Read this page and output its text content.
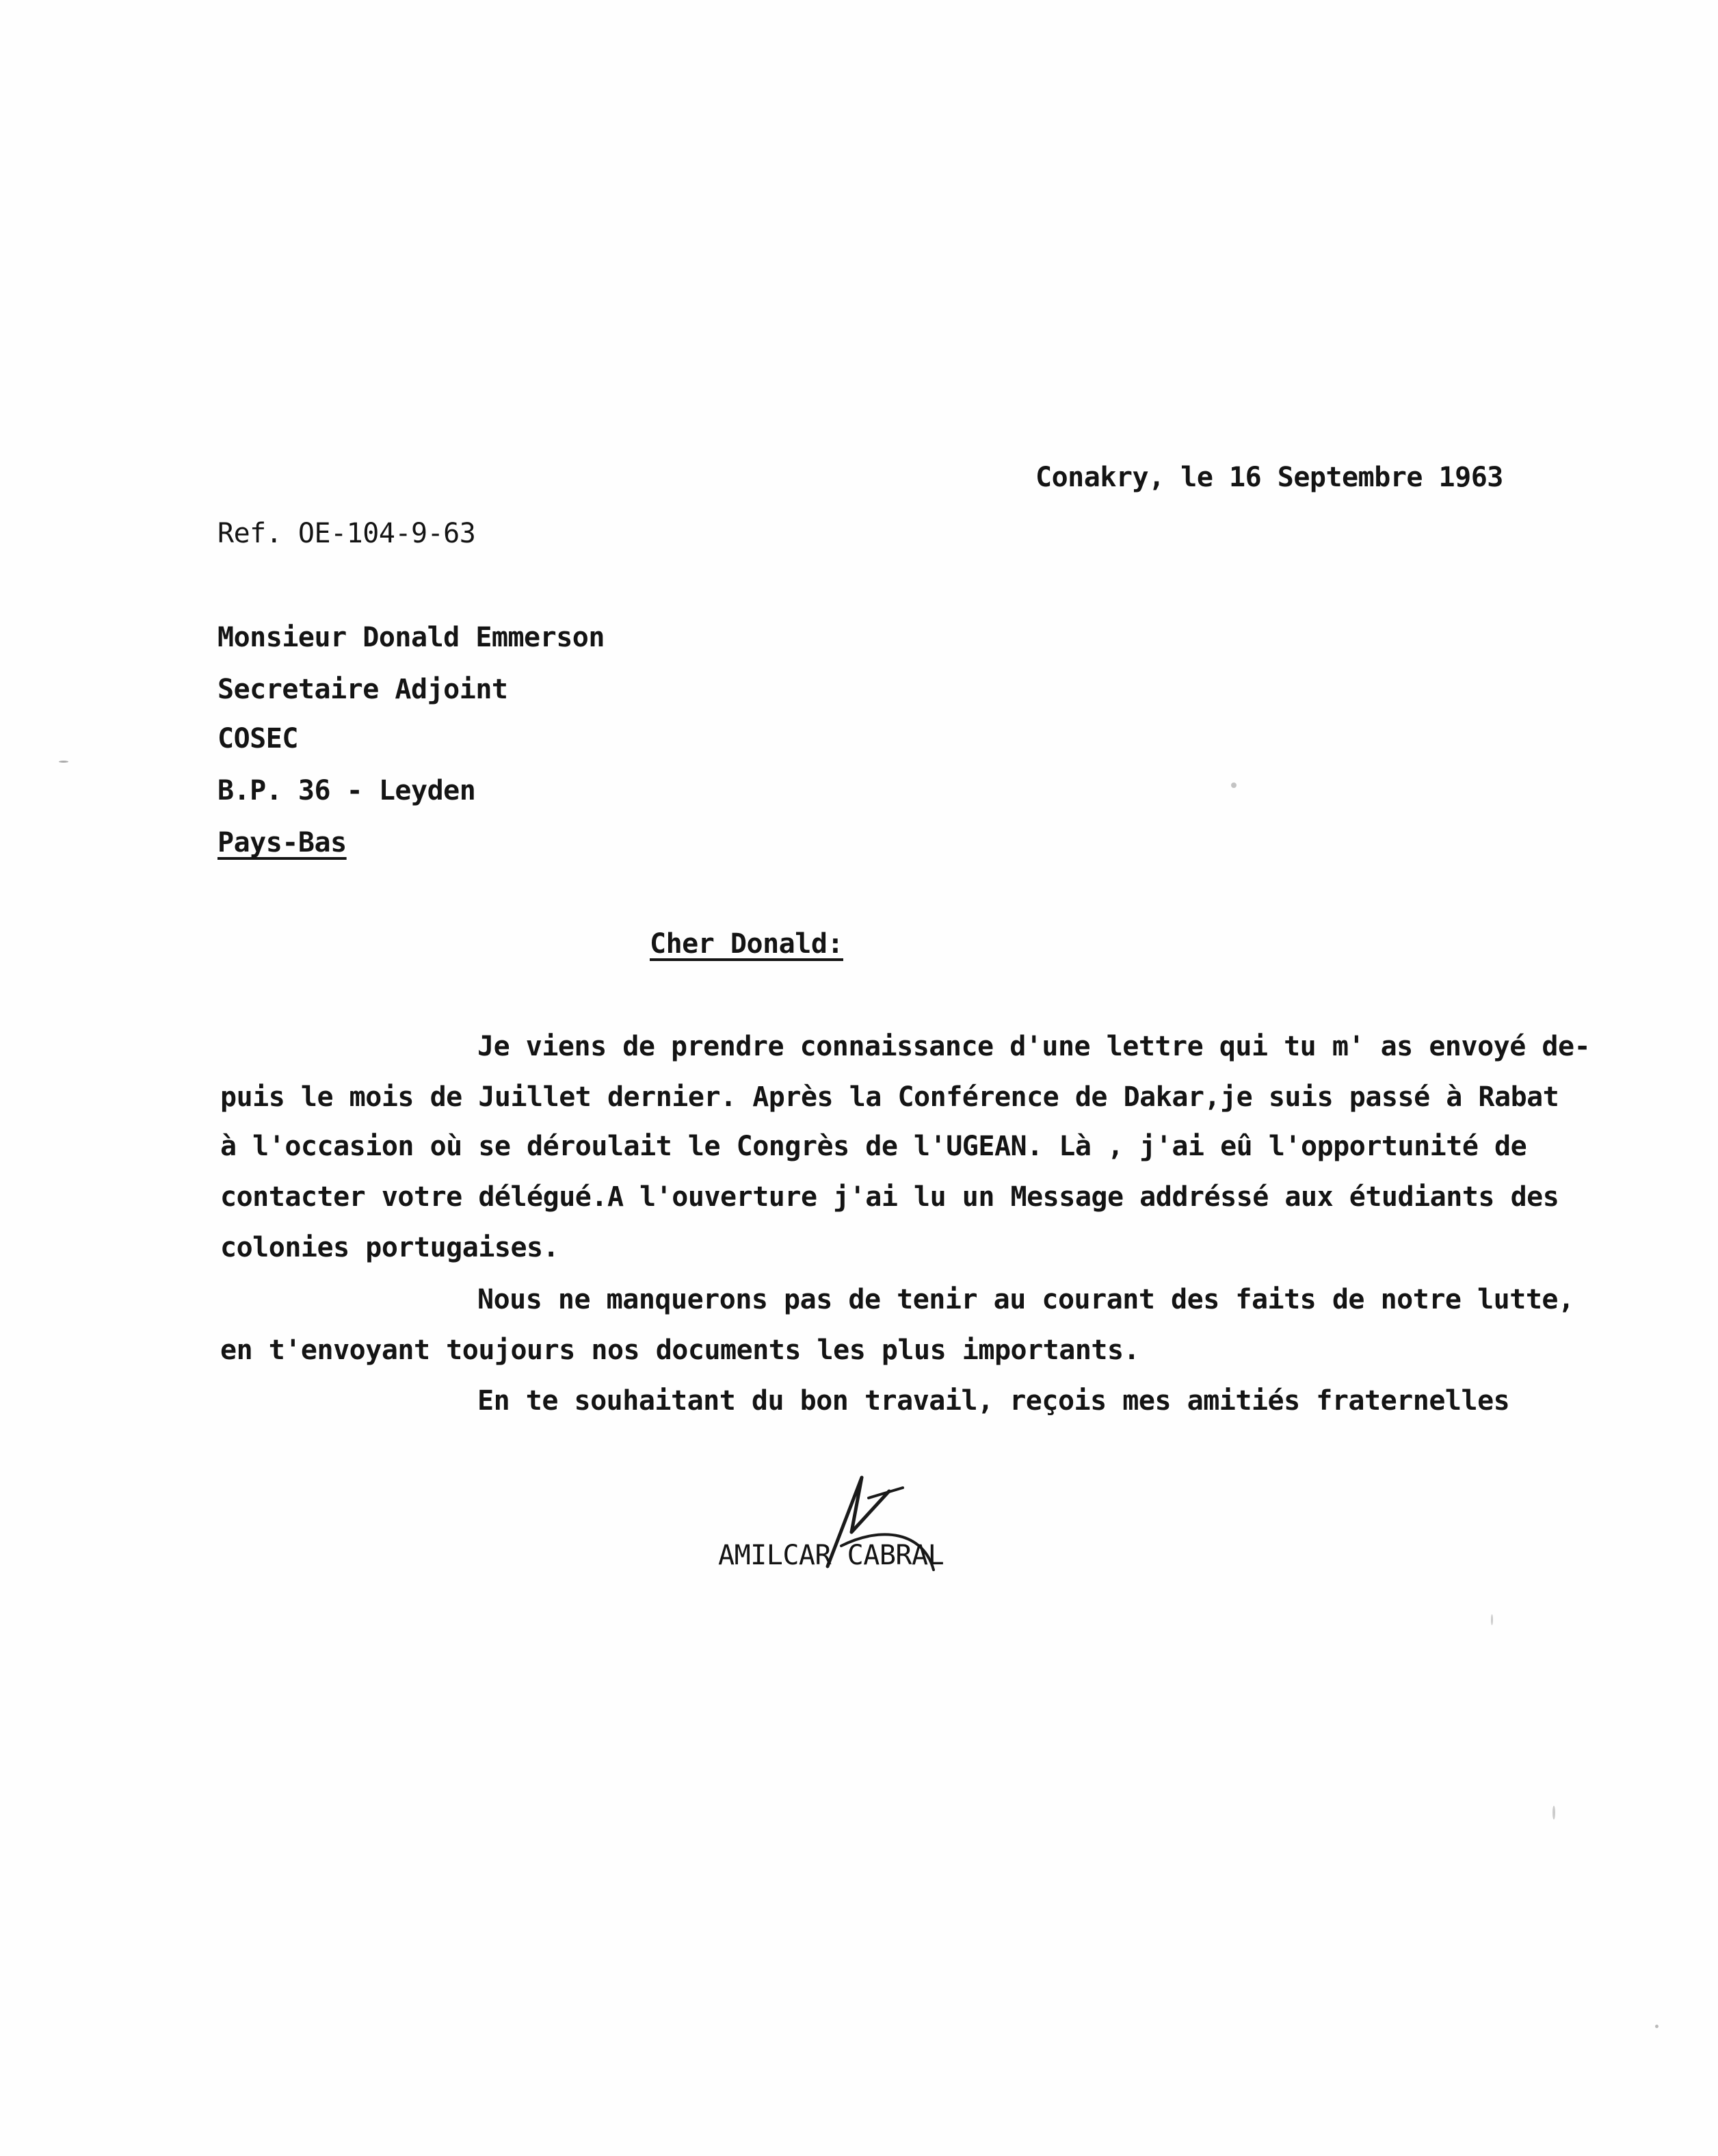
Conakry, le 16 Septembre 1963
Ref. OE-104-9-63
Monsieur Donald Emmerson
Secretaire Adjoint
COSEC
B.P. 36 - Leyden
Pays-Bas
Cher Donald:
Je viens de prendre connaissance d'une lettre qui tu m' as envoyé de-
puis le mois de Juillet dernier. Après la Conférence de Dakar,je suis passé à Rabat
à l'occasion où se déroulait le Congrès de l'UGEAN. Là , j'ai eû l'opportunité de
contacter votre délégué.A l'ouverture j'ai lu un Message addréssé aux étudiants des
colonies portugaises.
Nous ne manquerons pas de tenir au courant des faits de notre lutte,
en t'envoyant toujours nos documents les plus importants.
En te souhaitant du bon travail, reçois mes amitiés fraternelles
AMILCAR CABRAL
